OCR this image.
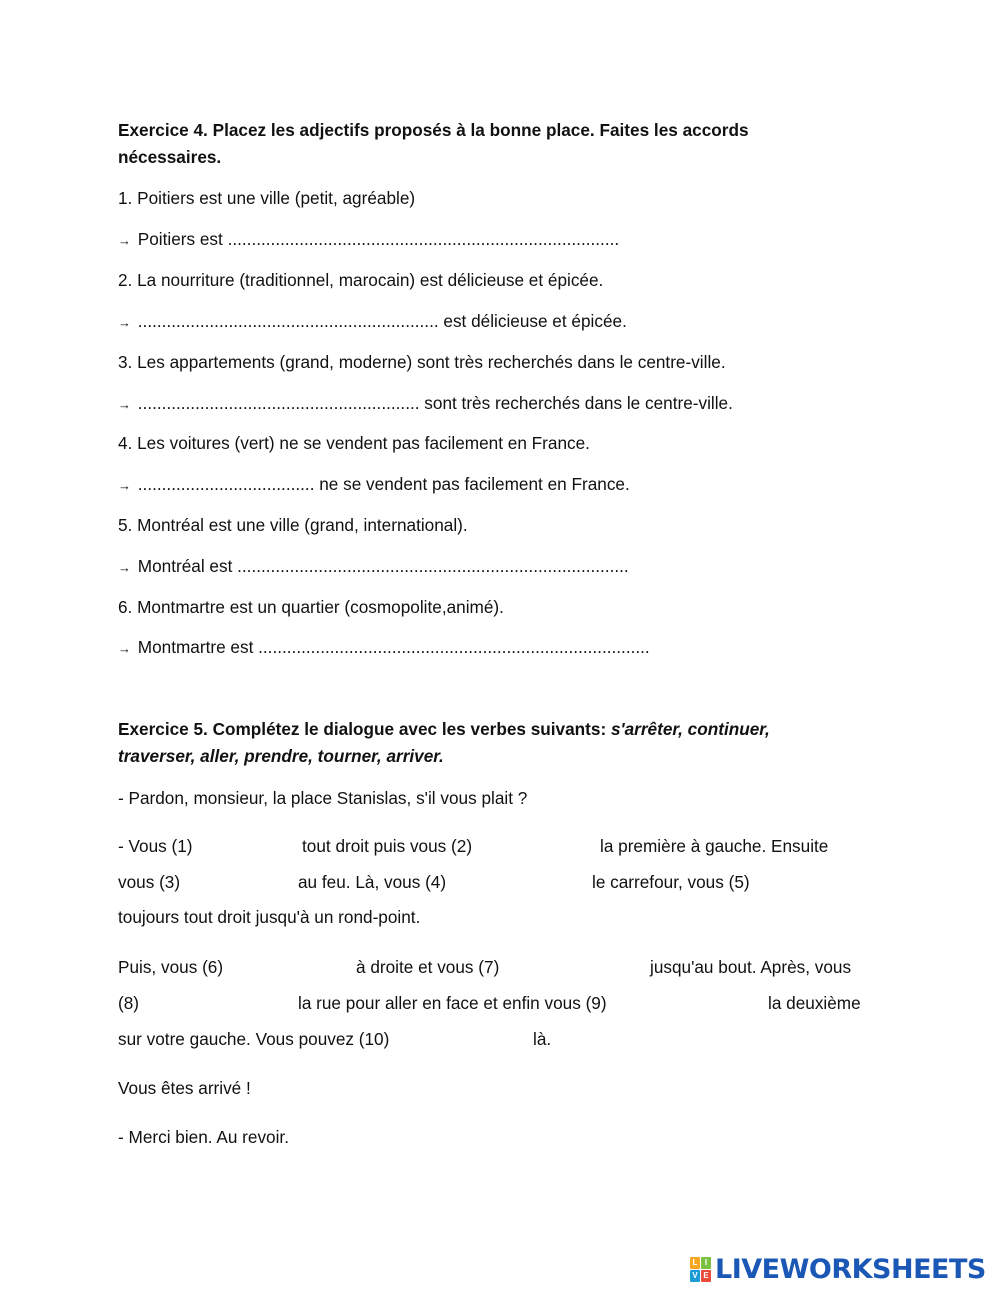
Exercice 4. Placez les adjectifs proposés à la bonne place. Faites les accords

nécessaires.

1. Poitiers est une ville (petit, agréable)

→ Poitiers est ..................................................................................

2. La nourriture (traditionnel, marocain) est délicieuse et épicée.

→ ............................................................... est délicieuse et épicée.

3. Les appartements (grand, moderne) sont très recherchés dans le centre-ville.

→ ........................................................... sont très recherchés dans le centre-ville.

4. Les voitures (vert) ne se vendent pas facilement en France.

→ ..................................... ne se vendent pas facilement en France.

5. Montréal est une ville (grand, international).

→ Montréal est ..................................................................................

6. Montmartre est un quartier (cosmopolite,animé).

→ Montmartre est ..................................................................................

Exercice 5. Complétez le dialogue avec les verbes suivants: s'arrêter, continuer,

traverser, aller, prendre, tourner, arriver.

- Pardon, monsieur, la place Stanislas, s'il vous plait ?

- Vous (1)	tout droit puis vous (2)	la première à gauche. Ensuite
vous (3)	au feu. Là, vous (4)	le carrefour, vous (5)

toujours tout droit jusqu'à un rond-point.

Puis, vous (6)	à droite et vous (7)	jusqu'au bout. Après, vous
(8)	la rue pour aller en face et enfin vous (9)	la deuxième
sur votre gauche. Vous pouvez (10)	là.

Vous êtes arrivé !

- Merci bien. Au revoir.

L I
V E LIVEWORKSHEETS
